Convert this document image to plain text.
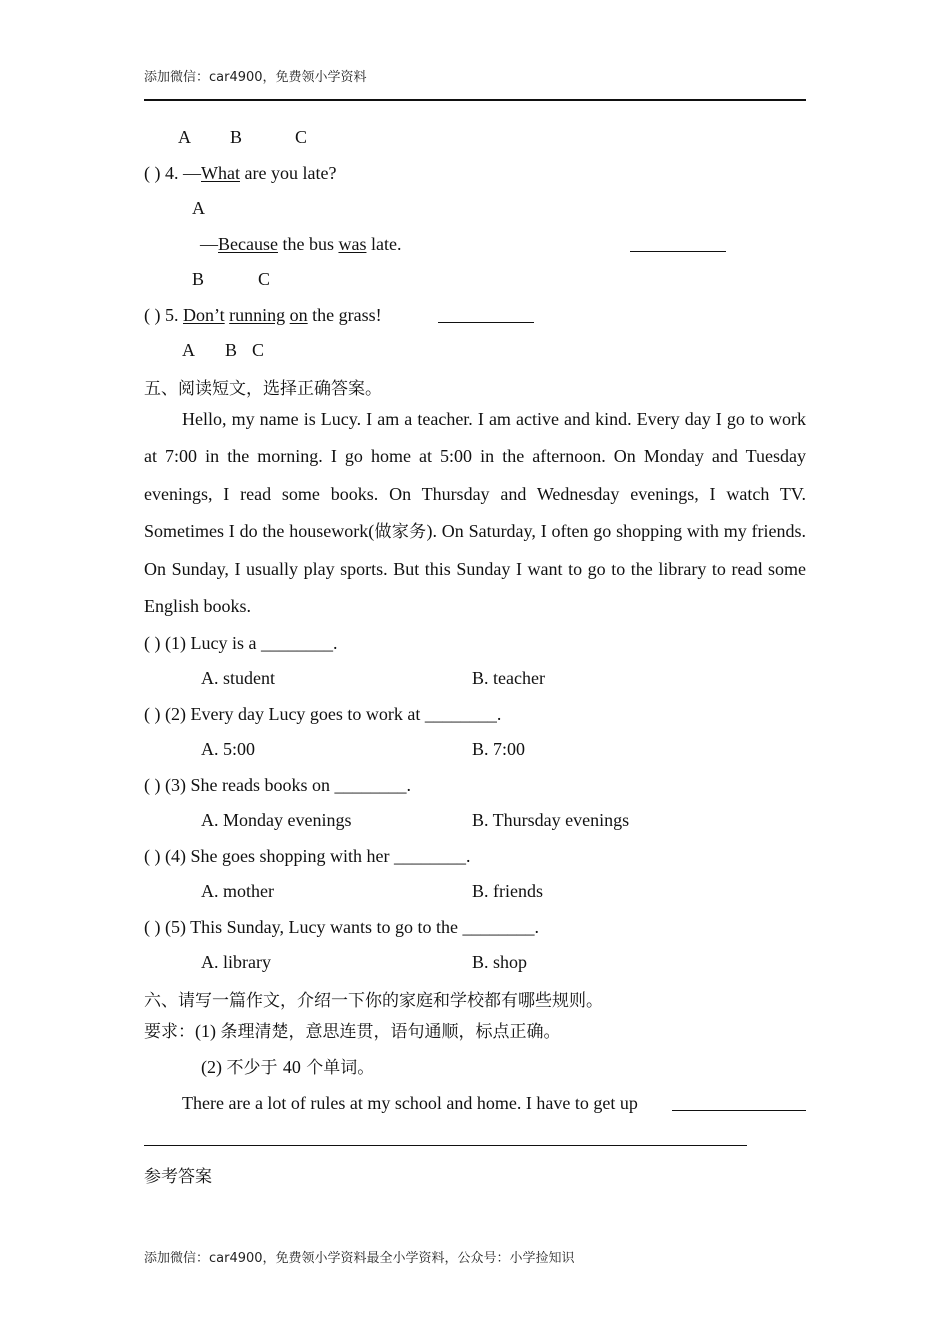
添加微信：car4900，免费领小学资料
A B	C
( ) 4. —What are you late?
A
—Because the bus was late.
B	C
( ) 5. Don’t running on the grass!
A B C
五、阅读短文，选择正确答案。
Hello, my name is Lucy. I am a teacher. I am active and kind. Every day I go to work at 7:00 in the morning. I go home at 5:00 in the afternoon. On Monday and Tuesday evenings, I read some books. On Thursday and Wednesday evenings, I watch TV. Sometimes I do the housework(做家务). On Saturday, I often go shopping with my friends. On Sunday, I usually play sports. But this Sunday I want to go to the library to read some English books.
( ) (1) Lucy is a ________.
A. student	B. teacher
( ) (2) Every day Lucy goes to work at ________.
A. 5:00	B. 7:00
( ) (3) She reads books on ________.
A. Monday evenings	B. Thursday evenings
( ) (4) She goes shopping with her ________.
A. mother	B. friends
( ) (5) This Sunday, Lucy wants to go to the ________.
A. library	B. shop
六、请写一篇作文，介绍一下你的家庭和学校都有哪些规则。
要求：(1) 条理清楚，意思连贯，语句通顺，标点正确。
(2) 不少于 40 个单词。
There are a lot of rules at my school and home. I have to get up
参考答案
添加微信：car4900，免费领小学资料最全小学资料，公众号：小学捡知识
